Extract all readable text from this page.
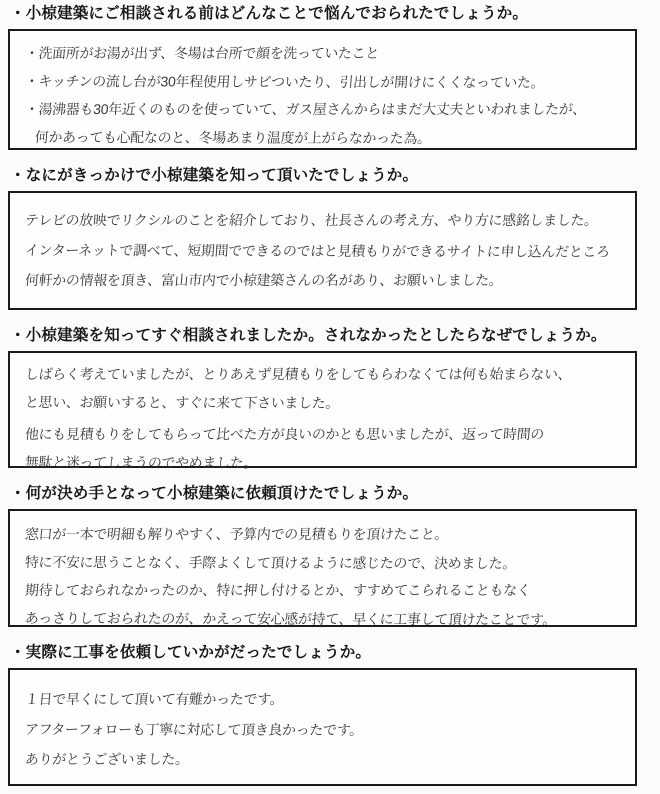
・小椋建築にご相談される前はどんなことで悩んでおられたでしょうか。
・洗面所がお湯が出ず、冬場は台所で顔を洗っていたこと
・キッチンの流し台が30年程使用しサビついたり、引出しが開けにくくなっていた。
・湯沸器も30年近くのものを使っていて、ガス屋さんからはまだ大丈夫といわれましたが、
何かあっても心配なのと、冬場あまり温度が上がらなかった為。
・なにがきっかけで小椋建築を知って頂いたでしょうか。
テレビの放映でリクシルのことを紹介しており、社長さんの考え方、やり方に感銘しました。
インターネットで調べて、短期間でできるのではと見積もりができるサイトに申し込んだところ
何軒かの情報を頂き、富山市内で小椋建築さんの名があり、お願いしました。
・小椋建築を知ってすぐ相談されましたか。されなかったとしたらなぜでしょうか。
しばらく考えていましたが、とりあえず見積もりをしてもらわなくては何も始まらない、
と思い、お願いすると、すぐに来て下さいました。
他にも見積もりをしてもらって比べた方が良いのかとも思いましたが、返って時間の
無駄と迷ってしまうのでやめました。
・何が決め手となって小椋建築に依頼頂けたでしょうか。
窓口が一本で明細も解りやすく、予算内での見積もりを頂けたこと。
特に不安に思うことなく、手際よくして頂けるように感じたので、決めました。
期待しておられなかったのか、特に押し付けるとか、すすめてこられることもなく
あっさりしておられたのが、かえって安心感が持て、早くに工事して頂けたことです。
・実際に工事を依頼していかがだったでしょうか。
１日で早くにして頂いて有難かったです。
アフターフォローも丁寧に対応して頂き良かったです。
ありがとうございました。
